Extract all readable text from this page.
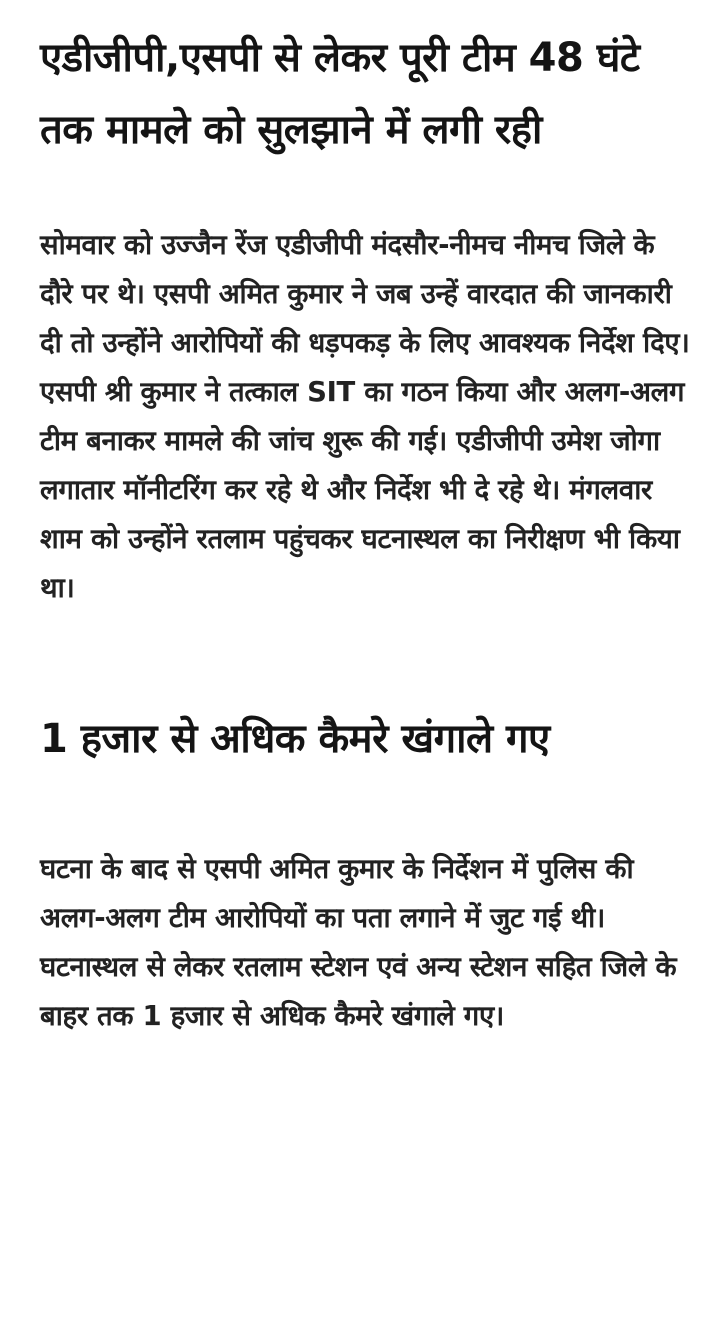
एडीजीपी,एसपी से लेकर पूरी टीम 48 घंटे तक मामले को सुलझाने में लगी रही

सोमवार को उज्जैन रेंज एडीजीपी मंदसौर-नीमच नीमच जिले के दौरे पर थे। एसपी अमित कुमार ने जब उन्हें वारदात की जानकारी दी तो उन्होंने आरोपियों की धड़पकड़ के लिए आवश्यक निर्देश दिए। एसपी श्री कुमार ने तत्काल SIT का गठन किया और अलग-अलग टीम बनाकर मामले की जांच शुरू की गई। एडीजीपी उमेश जोगा लगातार मॉनीटरिंग कर रहे थे और निर्देश भी दे रहे थे। मंगलवार शाम को उन्होंने रतलाम पहुंचकर घटनास्थल का निरीक्षण भी किया था।

1 हजार से अधिक कैमरे खंगाले गए

घटना के बाद से एसपी अमित कुमार के निर्देशन में पुलिस की अलग-अलग टीम आरोपियों का पता लगाने में जुट गई थी। घटनास्थल से लेकर रतलाम स्टेशन एवं अन्य स्टेशन सहित जिले के बाहर तक 1 हजार से अधिक कैमरे खंगाले गए।
